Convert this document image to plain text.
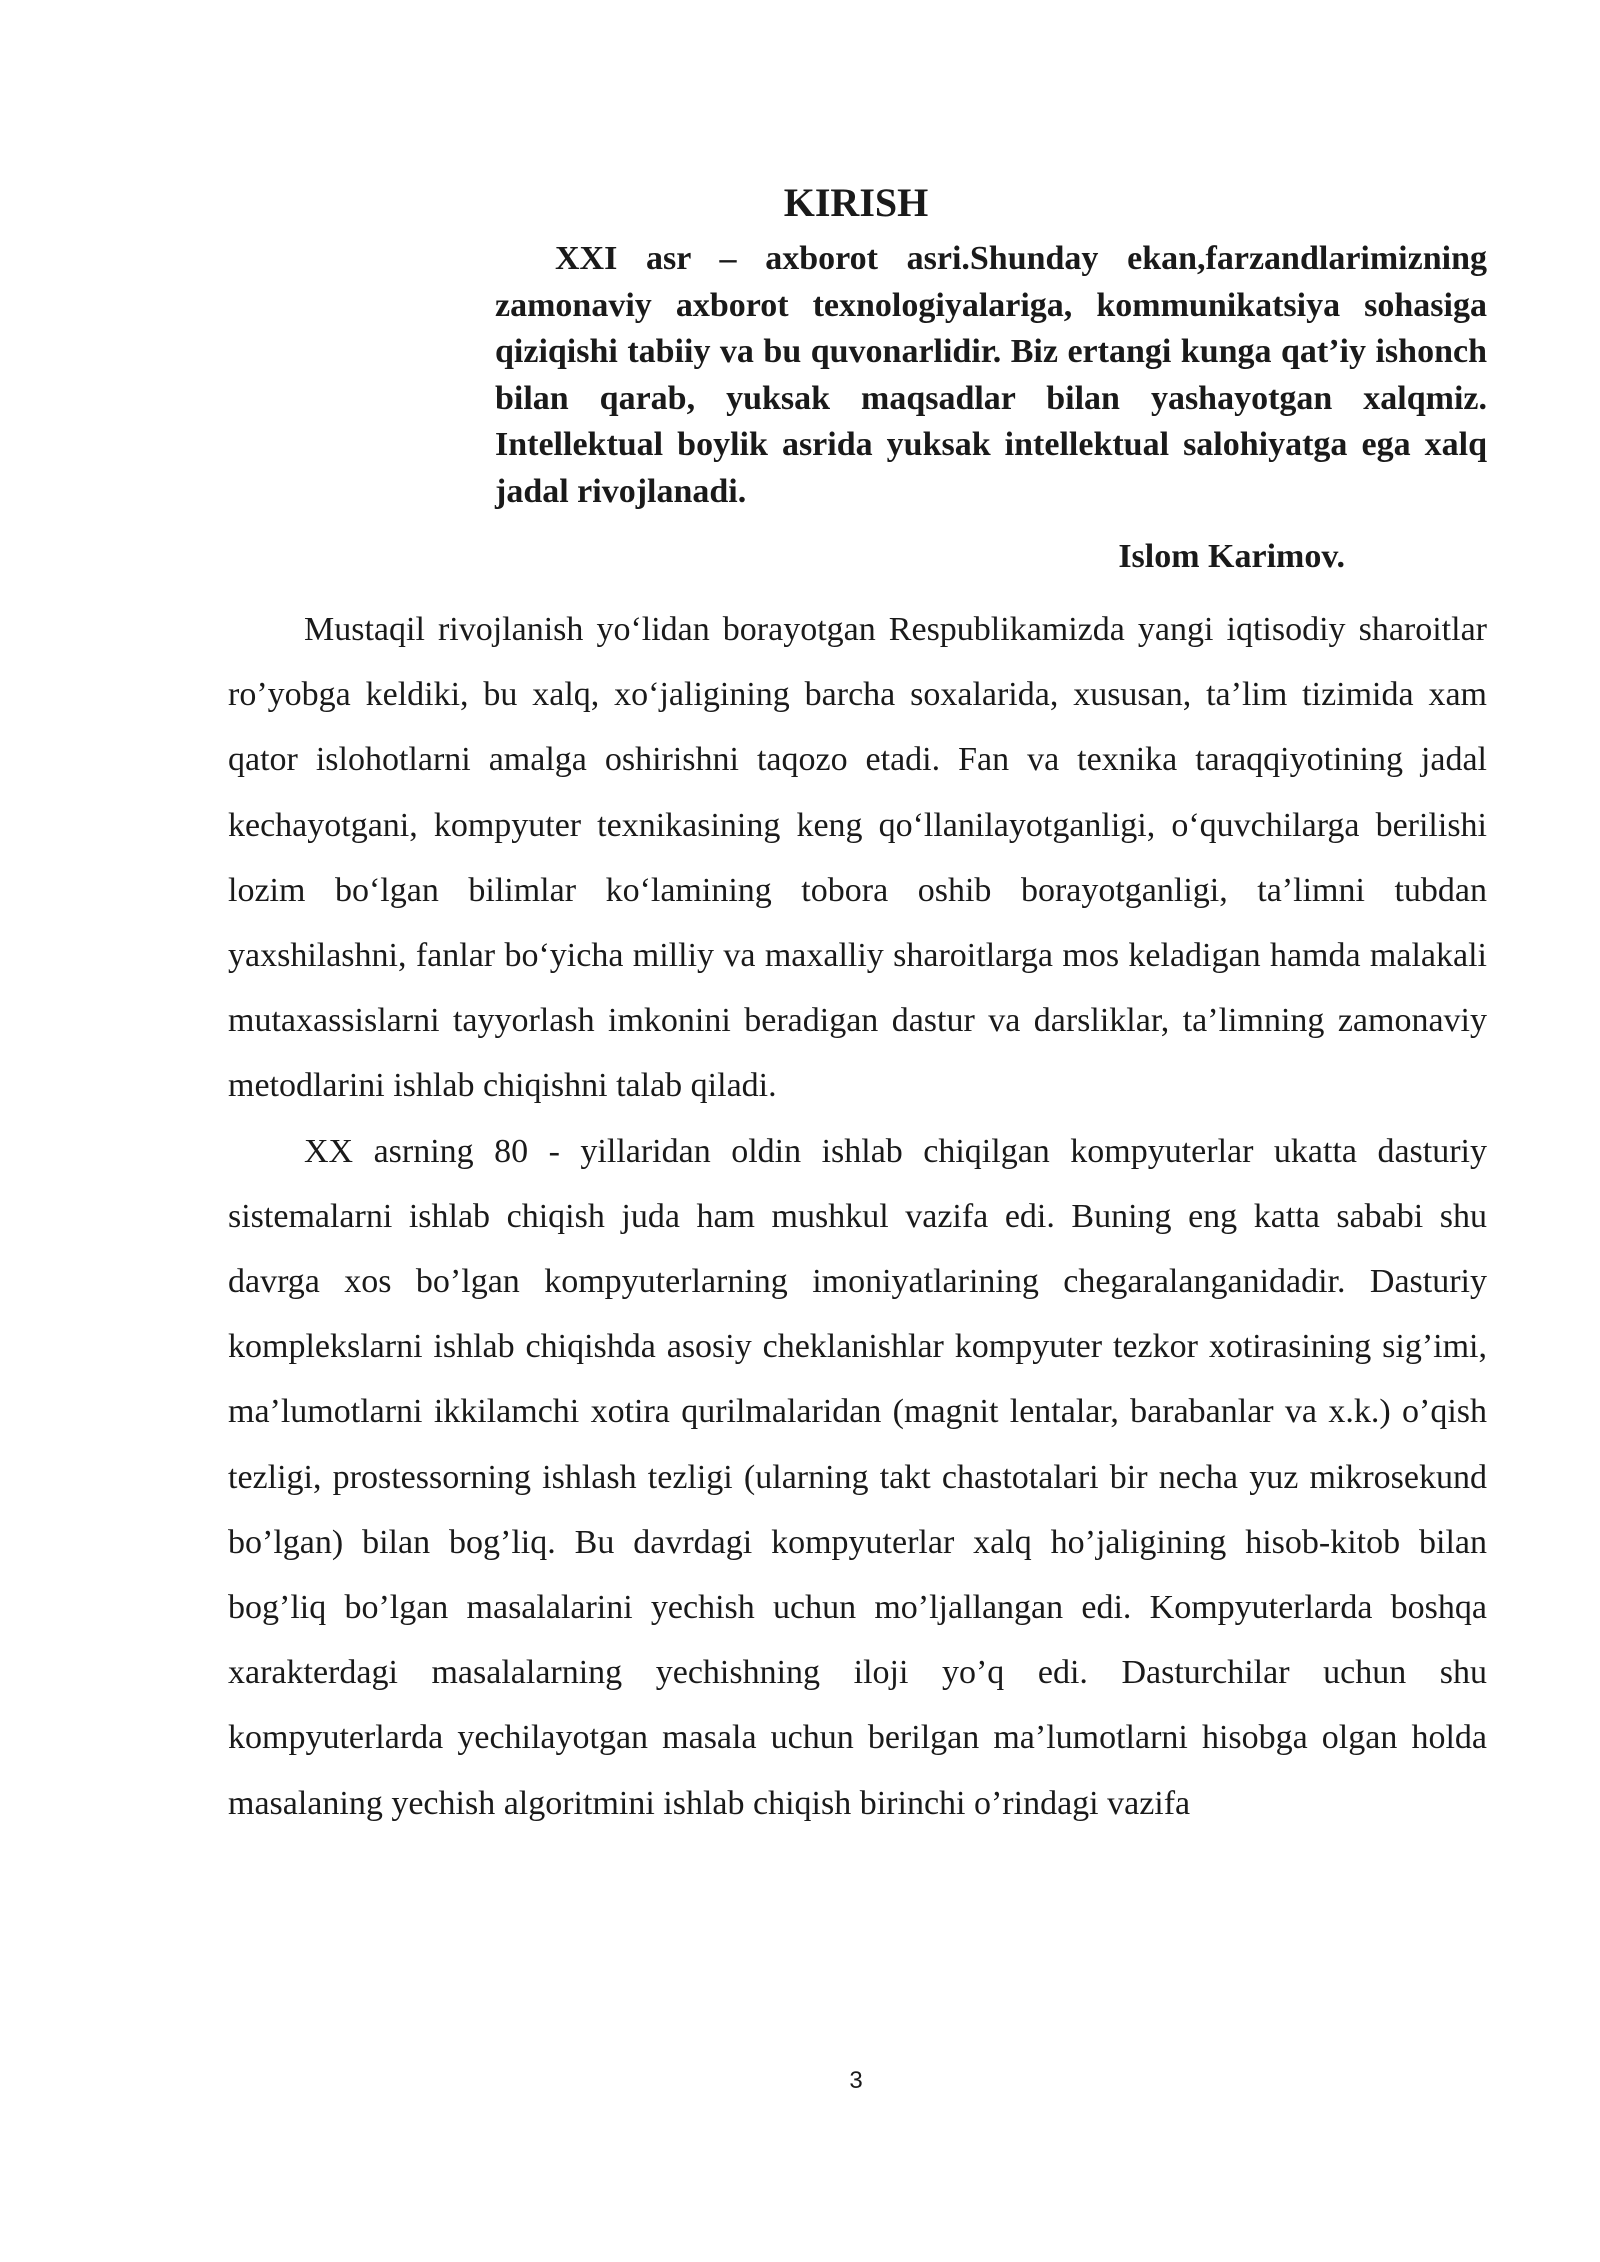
KIRISH

XXI asr – axborot asri.Shunday ekan,farzandlarimizning zamonaviy axborot texnologiyalariga, kommunikatsiya sohasiga qiziqishi tabiiy va bu quvonarlidir. Biz ertangi kunga qat’iy ishonch bilan qarab, yuksak maqsadlar bilan yashayotgan xalqmiz. Intellektual boylik asrida yuksak intellektual salohiyatga ega xalq jadal rivojlanadi.

Islom Karimov.

Mustaqil rivojlanish yo‘lidan borayotgan Respublikamizda yangi iqtisodiy sharoitlar ro’yobga keldiki, bu xalq, xo‘jaligining barcha soxalarida, xususan, ta’lim tizimida xam qator islohotlarni amalga oshirishni taqozo etadi. Fan va texnika taraqqiyotining jadal kechayotgani, kompyuter texnikasining keng qo‘llanilayotganligi, o‘quvchilarga berilishi lozim bo‘lgan bilimlar ko‘lamining tobora oshib borayotganligi, ta’limni tubdan yaxshilashni, fanlar bo‘yicha milliy va maxalliy sharoitlarga mos keladigan hamda malakali mutaxassislarni tayyorlash imkonini beradigan dastur va darsliklar, ta’limning zamonaviy metodlarini ishlab chiqishni talab qiladi.

XX asrning 80 - yillaridan oldin ishlab chiqilgan kompyuterlar ukatta dasturiy sistemalarni ishlab chiqish juda ham mushkul vazifa edi. Buning eng katta sababi shu davrga xos bo’lgan kompyuterlarning imoniyatlarining chegaralanganidadir. Dasturiy komplekslarni ishlab chiqishda asosiy cheklanishlar kompyuter tezkor xotirasining sig’imi, ma’lumotlarni ikkilamchi xotira qurilmalaridan (magnit lentalar, barabanlar va x.k.) o’qish tezligi, prostessorning ishlash tezligi (ularning takt chastotalari bir necha yuz mikrosekund bo’lgan) bilan bog’liq. Bu davrdagi kompyuterlar xalq ho’jaligining hisob-kitob bilan bog’liq bo’lgan masalalarini yechish uchun mo’ljallangan edi. Kompyuterlarda boshqa xarakterdagi masalalarning yechishning iloji yo’q edi. Dasturchilar uchun shu kompyuterlarda yechilayotgan masala uchun berilgan ma’lumotlarni hisobga olgan holda masalaning yechish algoritmini ishlab chiqish birinchi o’rindagi vazifa

3
